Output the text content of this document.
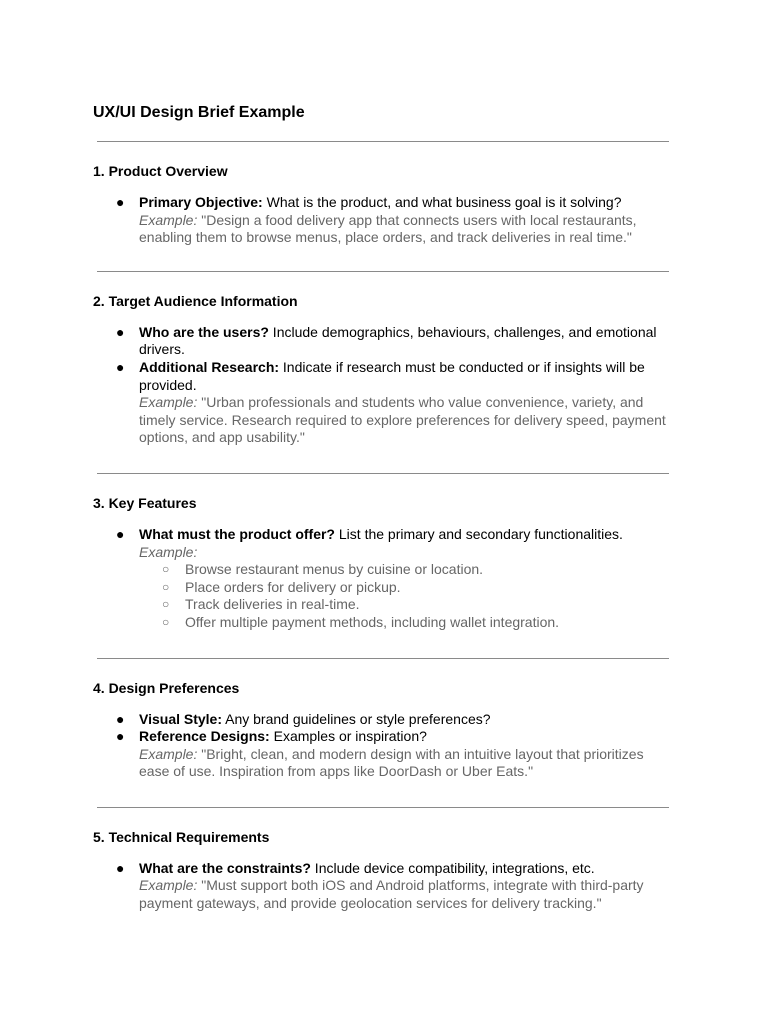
UX/UI Design Brief Example
1. Product Overview
● Primary Objective: What is the product, and what business goal is it solving?
Example: "Design a food delivery app that connects users with local restaurants, enabling them to browse menus, place orders, and track deliveries in real time."
2. Target Audience Information
● Who are the users? Include demographics, behaviours, challenges, and emotional drivers.
● Additional Research: Indicate if research must be conducted or if insights will be provided.
Example: "Urban professionals and students who value convenience, variety, and timely service. Research required to explore preferences for delivery speed, payment options, and app usability."
3. Key Features
● What must the product offer? List the primary and secondary functionalities.
Example:
○ Browse restaurant menus by cuisine or location.
○ Place orders for delivery or pickup.
○ Track deliveries in real-time.
○ Offer multiple payment methods, including wallet integration.
4. Design Preferences
● Visual Style: Any brand guidelines or style preferences?
● Reference Designs: Examples or inspiration?
Example: "Bright, clean, and modern design with an intuitive layout that prioritizes ease of use. Inspiration from apps like DoorDash or Uber Eats."
5. Technical Requirements
● What are the constraints? Include device compatibility, integrations, etc.
Example: "Must support both iOS and Android platforms, integrate with third-party payment gateways, and provide geolocation services for delivery tracking."
